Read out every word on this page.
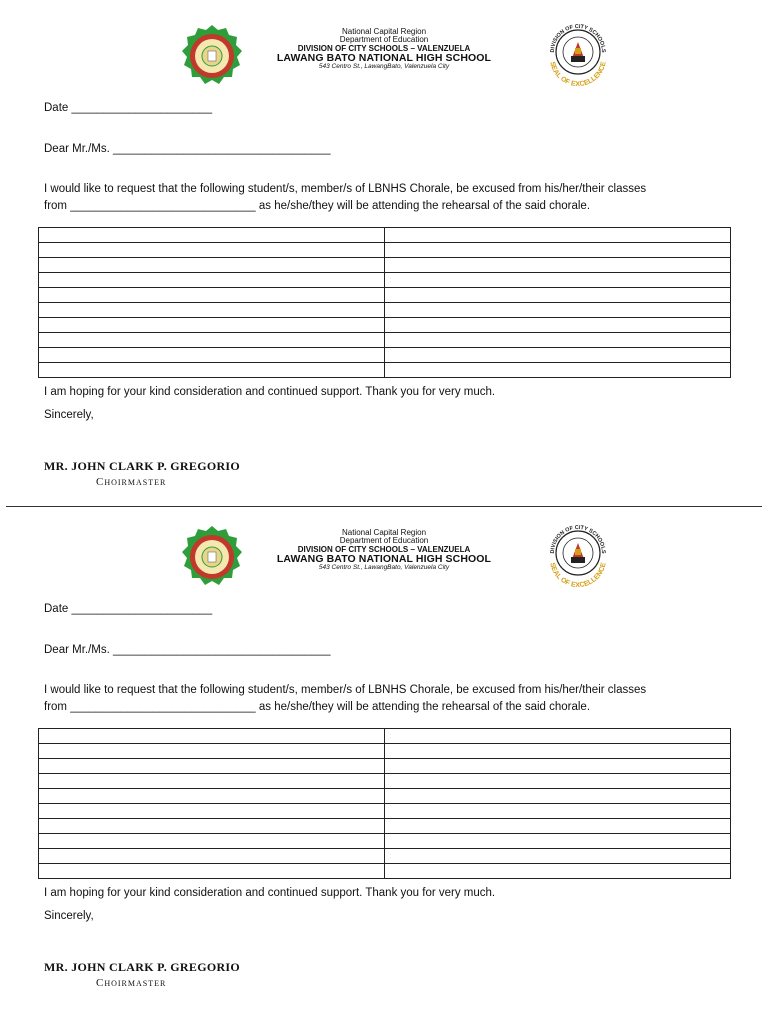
National Capital Region
Department of Education
DIVISION OF CITY SCHOOLS – VALENZUELA
LAWANG BATO NATIONAL HIGH SCHOOL
543 Centro St., LawangBato, Valenzuela City
DIVISION OF CITY SCHOOLS
SEAL OF EXCELLENCE
Date ______________________
Dear Mr./Ms. __________________________________
I would like to request that the following student/s, member/s of LBNHS Chorale, be excused from his/her/their classes
from _____________________________ as he/she/they will be attending the rehearsal of the said chorale.

I am hoping for your kind consideration and continued support. Thank you for very much.
Sincerely,
MR. JOHN CLARK P. GREGORIO
Choirmaster
National Capital Region
Department of Education
DIVISION OF CITY SCHOOLS – VALENZUELA
LAWANG BATO NATIONAL HIGH SCHOOL
543 Centro St., LawangBato, Valenzuela City
DIVISION OF CITY SCHOOLS
SEAL OF EXCELLENCE
Date ______________________
Dear Mr./Ms. __________________________________
I would like to request that the following student/s, member/s of LBNHS Chorale, be excused from his/her/their classes
from _____________________________ as he/she/they will be attending the rehearsal of the said chorale.

I am hoping for your kind consideration and continued support. Thank you for very much.
Sincerely,
MR. JOHN CLARK P. GREGORIO
Choirmaster
